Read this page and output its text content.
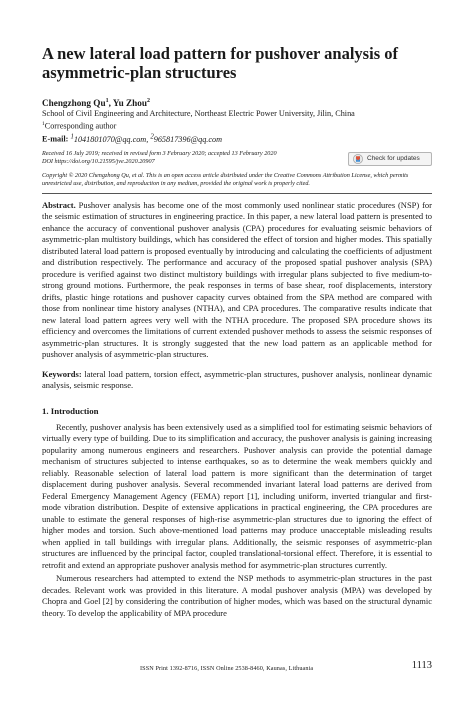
A new lateral load pattern for pushover analysis of
asymmetric-plan structures
Chengzhong Qu$^1$, Yu Zhou$^2$
School of Civil Engineering and Architecture, Northeast Electric Power University, Jilin, China
$^1$Corresponding author
E-mail: $^1$1041801070@qq.com, $^2$965817396@qq.com
Received 16 July 2019; received in revised form 3 February 2020; accepted 13 February 2020
DOI https://doi.org/10.21595/jve.2020.20907	Check for updates
Copyright © 2020 Chengzhong Qu, et al. This is an open access article distributed under the Creative Commons Attribution License, which permits unrestricted use, distribution, and reproduction in any medium, provided the original work is properly cited.

Abstract. Pushover analysis has become one of the most commonly used nonlinear static procedures (NSP) for the seismic estimation of structures in engineering practice. In this paper, a new lateral load pattern is presented to enhance the accuracy of conventional pushover analysis (CPA) procedures for evaluating seismic behaviors of asymmetric-plan multistory buildings, which has considered the effect of torsion and higher modes. This spatially distributed lateral load pattern is proposed eventually by introducing and calculating the coefficients of adjustment and distribution respectively. The performance and accuracy of the proposed spatial pushover analysis (SPA) procedure is verified against two distinct multistory buildings with irregular plans subjected to five medium-to-strong ground motions. Furthermore, the peak responses in terms of base shear, roof displacements, interstory drifts, plastic hinge rotations and pushover capacity curves obtained from the SPA method are compared with those from nonlinear time history analyses (NTHA), and CPA procedures. The comparative results indicate that new lateral load pattern agrees very well with the NTHA procedure. The proposed SPA procedure shows its efficiency and overcomes the limitations of current extended pushover methods to assess the seismic responses of asymmetric-plan structures. It is strongly suggested that the new load pattern as an applicable method for pushover analysis of asymmetric-plan structures.

Keywords: lateral load pattern, torsion effect, asymmetric-plan structures, pushover analysis, nonlinear dynamic analysis, seismic response.
1. Introduction

Recently, pushover analysis has been extensively used as a simplified tool for estimating seismic behaviors of virtually every type of building. Due to its simplification and accuracy, the pushover analysis is gaining increasing popularity among numerous engineers and researchers. Pushover analysis can provide the potential damage mechanism of structures subjected to intense earthquakes, so as to determine the weak members quickly and reliably. Reasonable selection of lateral load pattern is more significant than the determination of target displacement during pushover analysis. Several recommended invariant lateral load patterns are derived from Federal Emergency Management Agency (FEMA) report [1], including uniform, inverted triangular and first-mode vibration distribution. Despite of extensive applications in practical engineering, the CPA procedures are unable to estimate the general responses of high-rise asymmetric-plan structures due to ignoring the effect of higher modes and torsion. Such above-mentioned load patterns may produce unacceptable misleading results when applied in tall buildings with irregular plans. Additionally, the seismic responses of asymmetric-plan structures are influenced by the principal factor, coupled translational-torsional effect. Therefore, it is essential to retrofit and extend an appropriate pushover analysis method for asymmetric-plan structures currently.

Numerous researchers had attempted to extend the NSP methods to asymmetric-plan structures in the past decades. Relevant work was provided in this literature. A modal pushover analysis (MPA) was developed by Chopra and Goel [2] by considering the contribution of higher modes, which was based on the structural dynamic theory. To develop the applicability of MPA procedure

ISSN Print 1392-8716, ISSN Online 2538-8460, Kaunas, Lithuania	1113
